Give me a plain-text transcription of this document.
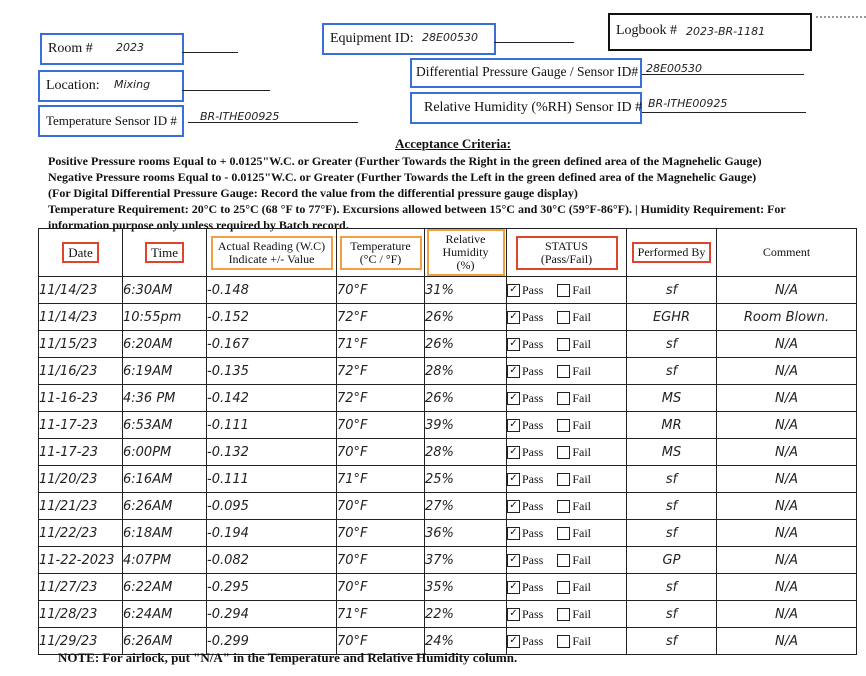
Room # 2023
Location: Mixing
Temperature Sensor ID # BR-ITHE00925
Equipment ID: 28E00530	Logbook # 2023-BR-1181
Differential Pressure Gauge / Sensor ID# 28E00530
Relative Humidity (%RH) Sensor ID # BR-ITHE00925
Acceptance Criteria:
Positive Pressure rooms Equal to + 0.0125"W.C. or Greater (Further Towards the Right in the green defined area of the Magnehelic Gauge)
Negative Pressure rooms Equal to - 0.0125"W.C. or Greater (Further Towards the Left in the green defined area of the Magnehelic Gauge)
(For Digital Differential Pressure Gauge: Record the value from the differential pressure gauge display)
Temperature Requirement: 20°C to 25°C (68 °F to 77°F). Excursions allowed between 15°C and 30°C (59°F-86°F). | Humidity Requirement: For
information purpose only unless required by Batch record.
Date	Time	Actual Reading (W.C) Indicate +/- Value	Temperature (°C / °F)	Relative Humidity (%)	STATUS (Pass/Fail)	Performed By	Comment
11/14/23	6:30AM	-0.148	70°F	31%	✓ Pass Fail	sf	N/A
11/14/23	10:55pm	-0.152	72°F	26%	✓ Pass Fail	EGHR	Room Blown.
11/15/23	6:20AM	-0.167	71°F	26%	✓ Pass Fail	sf	N/A
11/16/23	6:19AM	-0.135	72°F	28%	✓ Pass Fail	sf	N/A
11-16-23	4:36 PM	-0.142	72°F	26%	✓ Pass Fail	MS	N/A
11-17-23	6:53AM	-0.111	70°F	39%	✓ Pass Fail	MR	N/A
11-17-23	6:00PM	-0.132	70°F	28%	✓ Pass Fail	MS	N/A
11/20/23	6:16AM	-0.111	71°F	25%	✓ Pass Fail	sf	N/A
11/21/23	6:26AM	-0.095	70°F	27%	✓ Pass Fail	sf	N/A
11/22/23	6:18AM	-0.194	70°F	36%	✓ Pass Fail	sf	N/A
11-22-2023	4:07PM	-0.082	70°F	37%	✓ Pass Fail	GP	N/A
11/27/23	6:22AM	-0.295	70°F	35%	✓ Pass Fail	sf	N/A
11/28/23	6:24AM	-0.294	71°F	22%	✓ Pass Fail	sf	N/A
11/29/23	6:26AM	-0.299	70°F	24%	✓ Pass Fail	sf	N/A
NOTE: For airlock, put "N/A" in the Temperature and Relative Humidity column.
